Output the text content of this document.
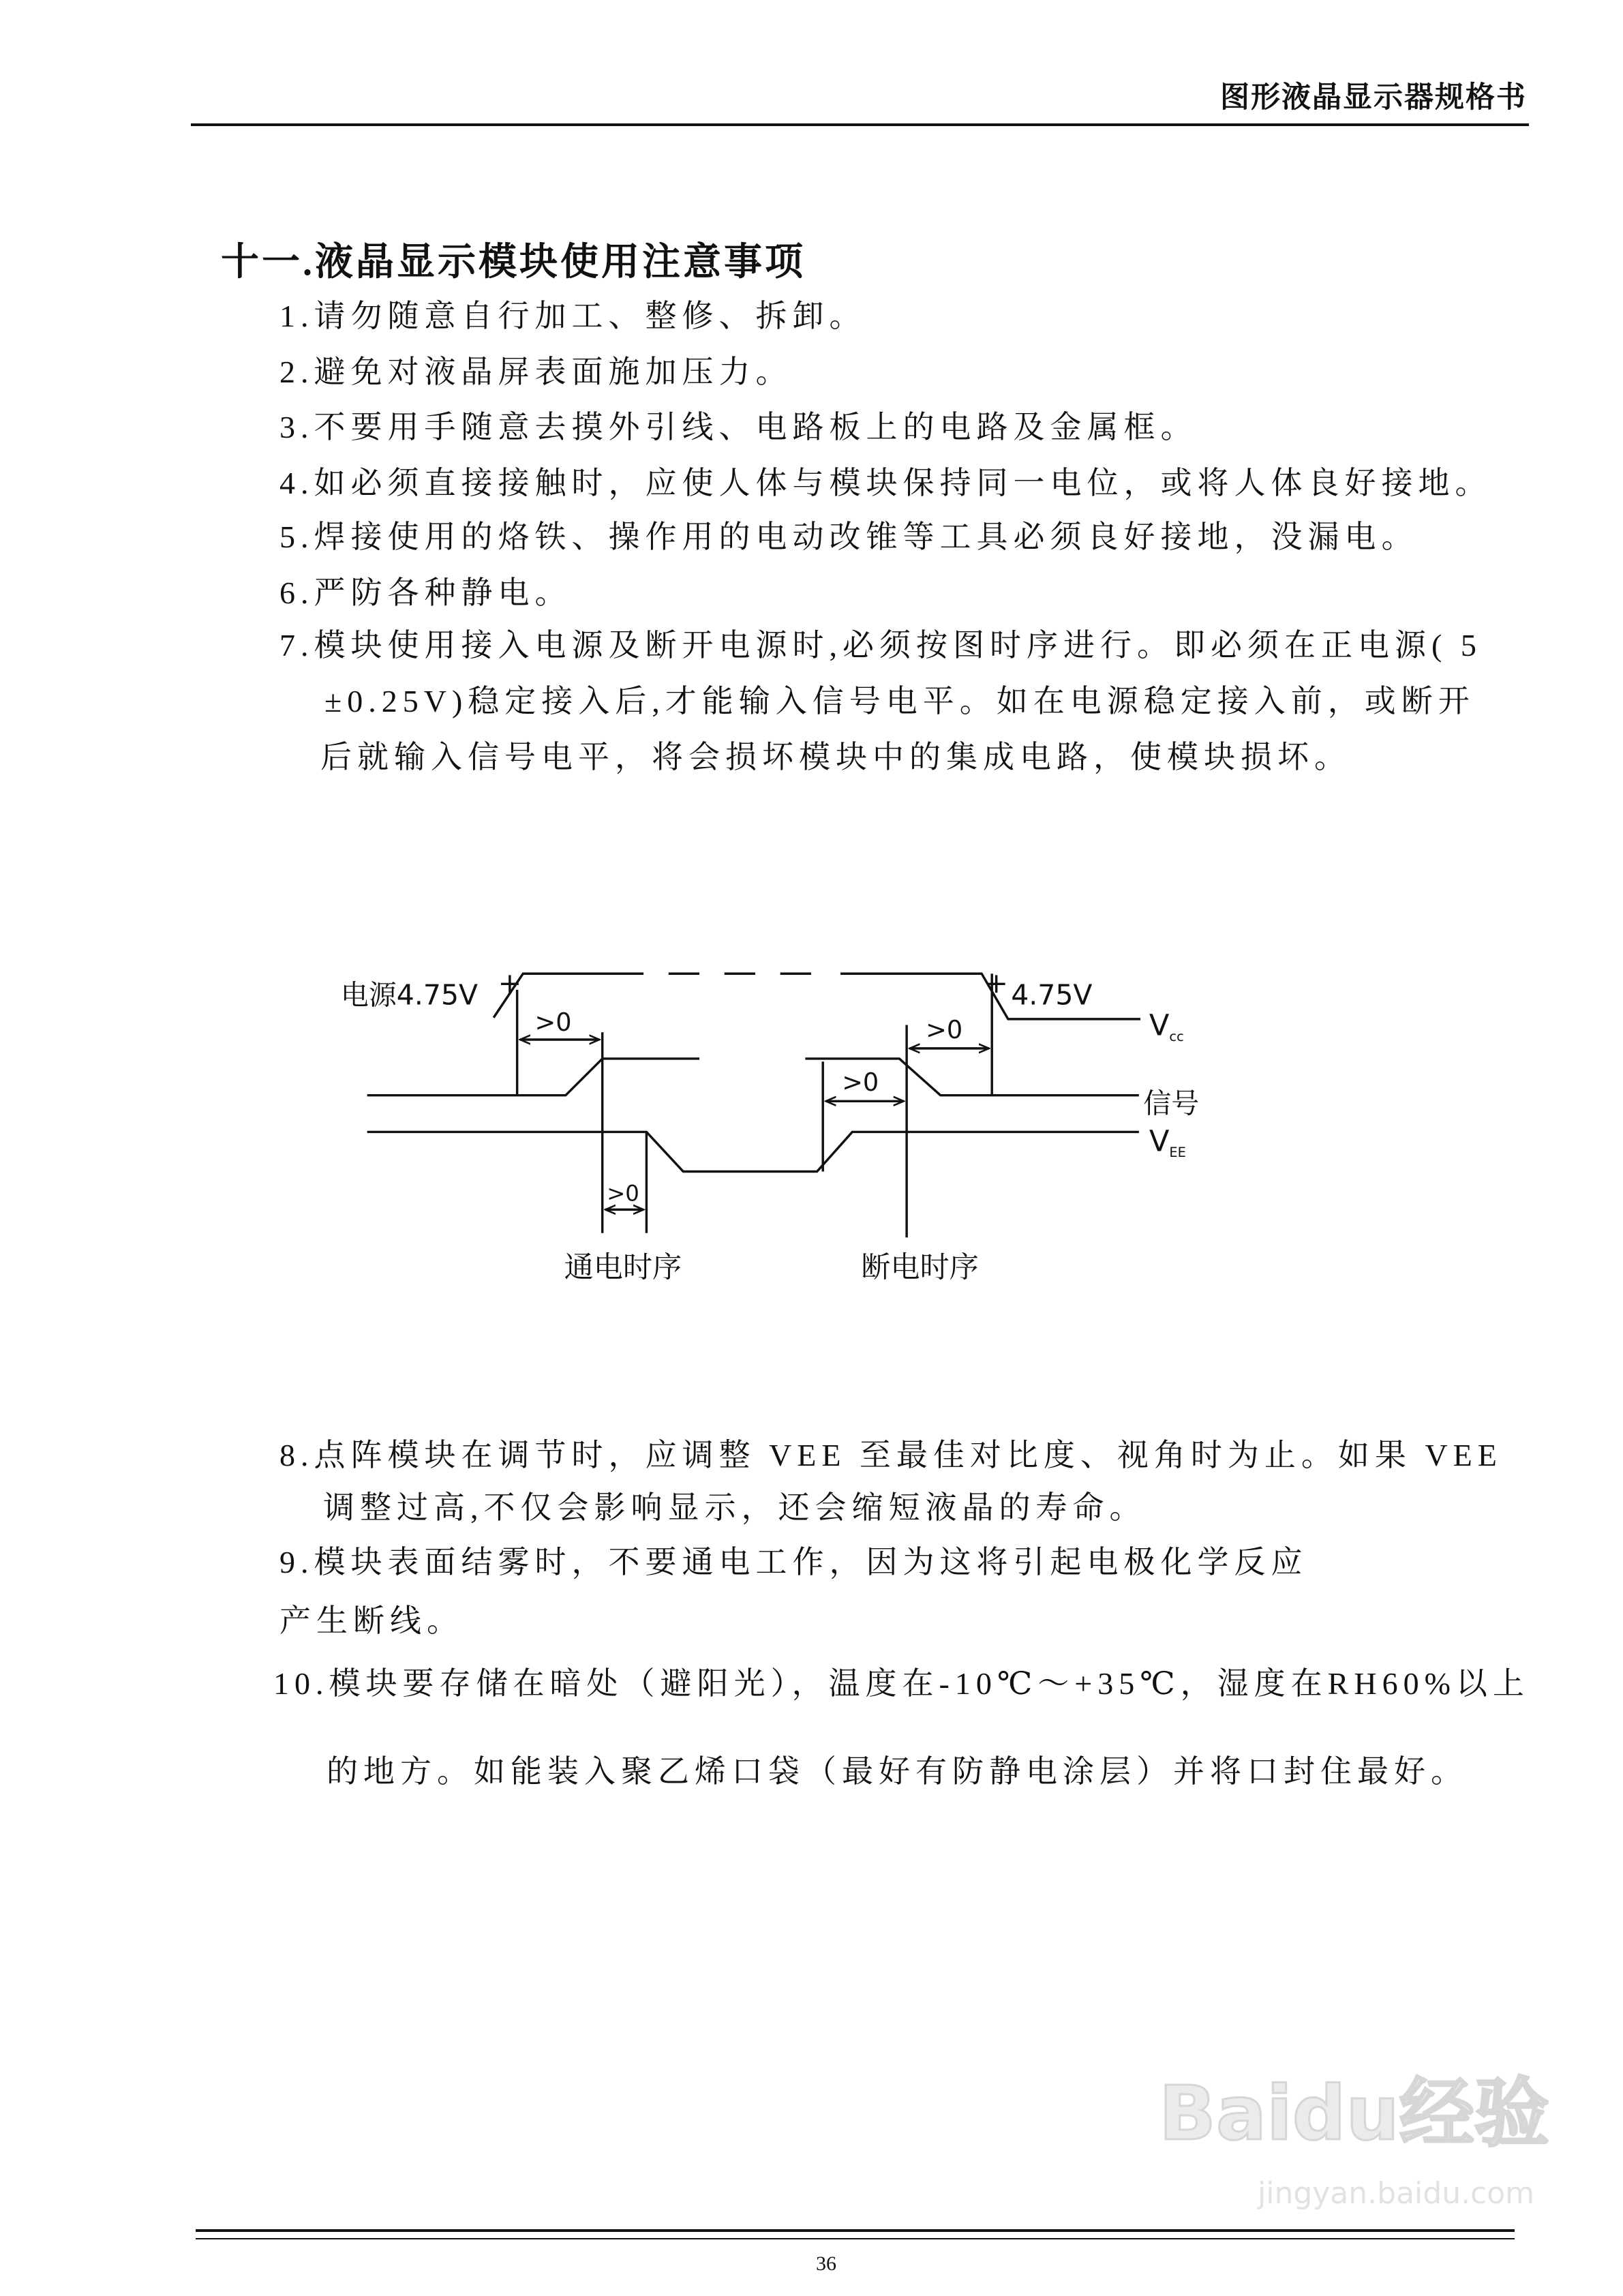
图形液晶显示器规格书
十一.液晶显示模块使用注意事项
1.请勿随意自行加工、整修、拆卸。
2.避免对液晶屏表面施加压力。
3.不要用手随意去摸外引线、电路板上的电路及金属框。
4.如必须直接接触时，应使人体与模块保持同一电位，或将人体良好接地。
5.焊接使用的烙铁、操作用的电动改锥等工具必须良好接地，没漏电。
6.严防各种静电。
7.模块使用接入电源及断开电源时,必须按图时序进行。即必须在正电源( 5
±0.25V)稳定接入后,才能输入信号电平。如在电源稳定接入前，或断开
后就输入信号电平，将会损坏模块中的集成电路，使模块损坏。
电源4.75V	4.75V
>0
>0
>0
>0	$V_{cc}$
信号
$V_{EE}$
通电时序	断电时序
8.点阵模块在调节时，应调整 VEE 至最佳对比度、视角时为止。如果 VEE
调整过高,不仅会影响显示，还会缩短液晶的寿命。
9.模块表面结雾时，不要通电工作，因为这将引起电极化学反应
产生断线。
10.模块要存储在暗处（避阳光），温度在-10℃～+35℃，湿度在RH60%以上
的地方。如能装入聚乙烯口袋（最好有防静电涂层）并将口封住最好。
Baidu经验
jingyan.baidu.com
36
